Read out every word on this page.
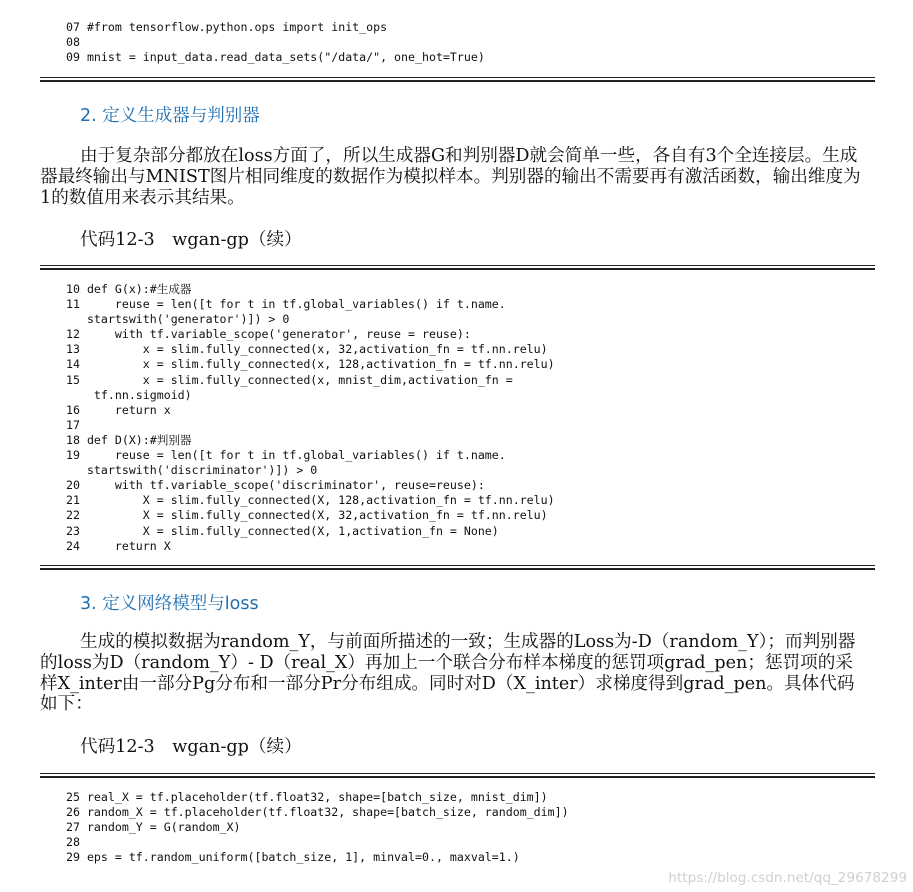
07 #from tensorflow.python.ops import init_ops
08
09 mnist = input_data.read_data_sets("/data/", one_hot=True)
2. 定义生成器与判别器

由于复杂部分都放在loss方面了，所以生成器G和判别器D就会简单一些，各自有3个全连接层。生成器最终输出与MNIST图片相同维度的数据作为模拟样本。判别器的输出不需要再有激活函数，输出维度为1的数值用来表示其结果。

代码12-3　wgan-gp（续）
10 def G(x):#生成器
11     reuse = len([t for t in tf.global_variables() if t.name.
startswith('generator')]) > 0
12     with tf.variable_scope('generator', reuse = reuse):
13         x = slim.fully_connected(x, 32,activation_fn = tf.nn.relu)
14         x = slim.fully_connected(x, 128,activation_fn = tf.nn.relu)
15         x = slim.fully_connected(x, mnist_dim,activation_fn =
tf.nn.sigmoid)
16     return x
17
18 def D(X):#判别器
19     reuse = len([t for t in tf.global_variables() if t.name.
startswith('discriminator')]) > 0
20     with tf.variable_scope('discriminator', reuse=reuse):
21         X = slim.fully_connected(X, 128,activation_fn = tf.nn.relu)
22         X = slim.fully_connected(X, 32,activation_fn = tf.nn.relu)
23         X = slim.fully_connected(X, 1,activation_fn = None)
24     return X
3. 定义网络模型与loss

生成的模拟数据为random_Y，与前面所描述的一致；生成器的Loss为-D（random_Y）；而判别器的loss为D（random_Y）- D（real_X）再加上一个联合分布样本梯度的惩罚项grad_pen；惩罚项的采样X_inter由一部分Pg分布和一部分Pr分布组成。同时对D（X_inter）求梯度得到grad_pen。具体代码如下：

代码12-3　wgan-gp（续）
25 real_X = tf.placeholder(tf.float32, shape=[batch_size, mnist_dim])
26 random_X = tf.placeholder(tf.float32, shape=[batch_size, random_dim])
27 random_Y = G(random_X)
28
29 eps = tf.random_uniform([batch_size, 1], minval=0., maxval=1.)
https://blog.csdn.net/qq_29678299
